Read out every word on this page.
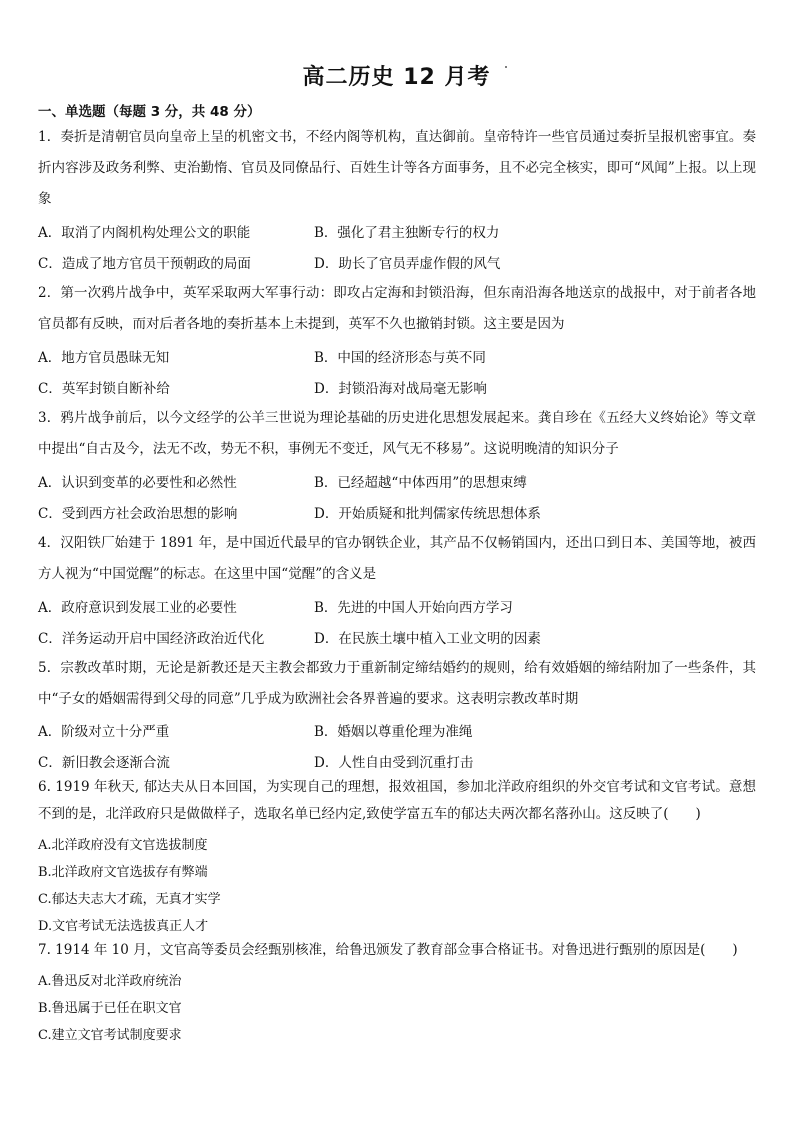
高二历史 12 月考
一、单选题（每题 3 分，共 48 分）
1．奏折是清朝官员向皇帝上呈的机密文书，不经内阁等机构，直达御前。皇帝特许一些官员通过奏折呈报机密事宜。奏折内容涉及政务利弊、吏治勤惰、官员及同僚品行、百姓生计等各方面事务，且不必完全核实，即可“风闻”上报。以上现象
A．取消了内阁机构处理公文的职能	B．强化了君主独断专行的权力
C．造成了地方官员干预朝政的局面	D．助长了官员弄虚作假的风气
2．第一次鸦片战争中，英军采取两大军事行动：即攻占定海和封锁沿海，但东南沿海各地送京的战报中，对于前者各地官员都有反映，而对后者各地的奏折基本上未提到，英军不久也撤销封锁。这主要是因为
A．地方官员愚昧无知	B．中国的经济形态与英不同
C．英军封锁自断补给	D．封锁沿海对战局毫无影响
3．鸦片战争前后，以今文经学的公羊三世说为理论基础的历史进化思想发展起来。龚自珍在《五经大义终始论》等文章中提出“自古及今，法无不改，势无不积，事例无不变迁，风气无不移易”。这说明晚清的知识分子
A．认识到变革的必要性和必然性	B．已经超越“中体西用”的思想束缚
C．受到西方社会政治思想的影响	D．开始质疑和批判儒家传统思想体系
4．汉阳铁厂始建于 1891 年，是中国近代最早的官办钢铁企业，其产品不仅畅销国内，还出口到日本、美国等地，被西方人视为“中国觉醒”的标志。在这里中国“觉醒”的含义是
A．政府意识到发展工业的必要性	B．先进的中国人开始向西方学习
C．洋务运动开启中国经济政治近代化	D．在民族土壤中植入工业文明的因素
5．宗教改革时期，无论是新教还是天主教会都致力于重新制定缔结婚约的规则，给有效婚姻的缔结附加了一些条件，其中“子女的婚姻需得到父母的同意”几乎成为欧洲社会各界普遍的要求。这表明宗教改革时期
A．阶级对立十分严重	B．婚姻以尊重伦理为准绳
C．新旧教会逐渐合流	D．人性自由受到沉重打击
6. 1919 年秋天, 郁达夫从日本回国，为实现自己的理想，报效祖国，参加北洋政府组织的外交官考试和文官考试。意想不到的是，北洋政府只是做做样子，选取名单已经内定,致使学富五车的郁达夫两次都名落孙山。这反映了(　　)
A.北洋政府没有文官选拔制度
B.北洋政府文官选拔存有弊端
C.郁达夫志大才疏，无真才实学
D.文官考试无法选拔真正人才
7. 1914 年 10 月，文官高等委员会经甄别核准，给鲁迅颁发了教育部佥事合格证书。对鲁迅进行甄别的原因是(　　)
A.鲁迅反对北洋政府统治
B.鲁迅属于已任在职文官
C.建立文官考试制度要求
